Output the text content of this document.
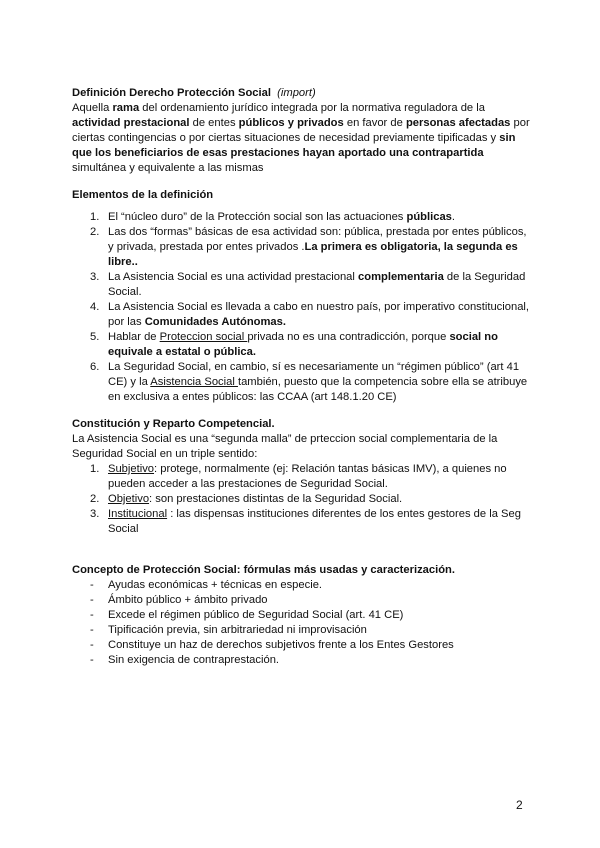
Definición Derecho Protección Social (import)

Aquella rama del ordenamiento jurídico integrada por la normativa reguladora de la actividad prestacional de entes públicos y privados en favor de personas afectadas por ciertas contingencias o por ciertas situaciones de necesidad previamente tipificadas y sin que los beneficiarios de esas prestaciones hayan aportado una contrapartida simultánea y equivalente a las mismas

Elementos de la definición

1. El “núcleo duro” de la Protección social son las actuaciones públicas.
2. Las dos “formas” básicas de esa actividad son: pública, prestada por entes públicos, y privada, prestada por entes privados .La primera es obligatoria, la segunda es libre..
3. La Asistencia Social es una actividad prestacional complementaria de la Seguridad Social.
4. La Asistencia Social es llevada a cabo en nuestro país, por imperativo constitucional, por las Comunidades Autónomas.
5. Hablar de Proteccion social privada no es una contradicción, porque social no equivale a estatal o pública.
6. La Seguridad Social, en cambio, sí es necesariamente un “régimen público” (art 41 CE) y la Asistencia Social también, puesto que la competencia sobre ella se atribuye en exclusiva a entes públicos: las CCAA (art 148.1.20 CE)

Constitución y Reparto Competencial.

La Asistencia Social es una “segunda malla” de prteccion social complementaria de la Seguridad Social en un triple sentido:

1. Subjetivo: protege, normalmente (ej: Relación tantas básicas IMV), a quienes no pueden acceder a las prestaciones de Seguridad Social.
2. Objetivo: son prestaciones distintas de la Seguridad Social.
3. Institucional : las dispensas instituciones diferentes de los entes gestores de la Seg Social

Concepto de Protección Social: fórmulas más usadas y caracterización.

- Ayudas económicas + técnicas en especie.
- Ámbito público + ámbito privado
- Excede el régimen público de Seguridad Social (art. 41 CE)
- Tipificación previa, sin arbitrariedad ni improvisación
- Constituye un haz de derechos subjetivos frente a los Entes Gestores
- Sin exigencia de contraprestación.
2
